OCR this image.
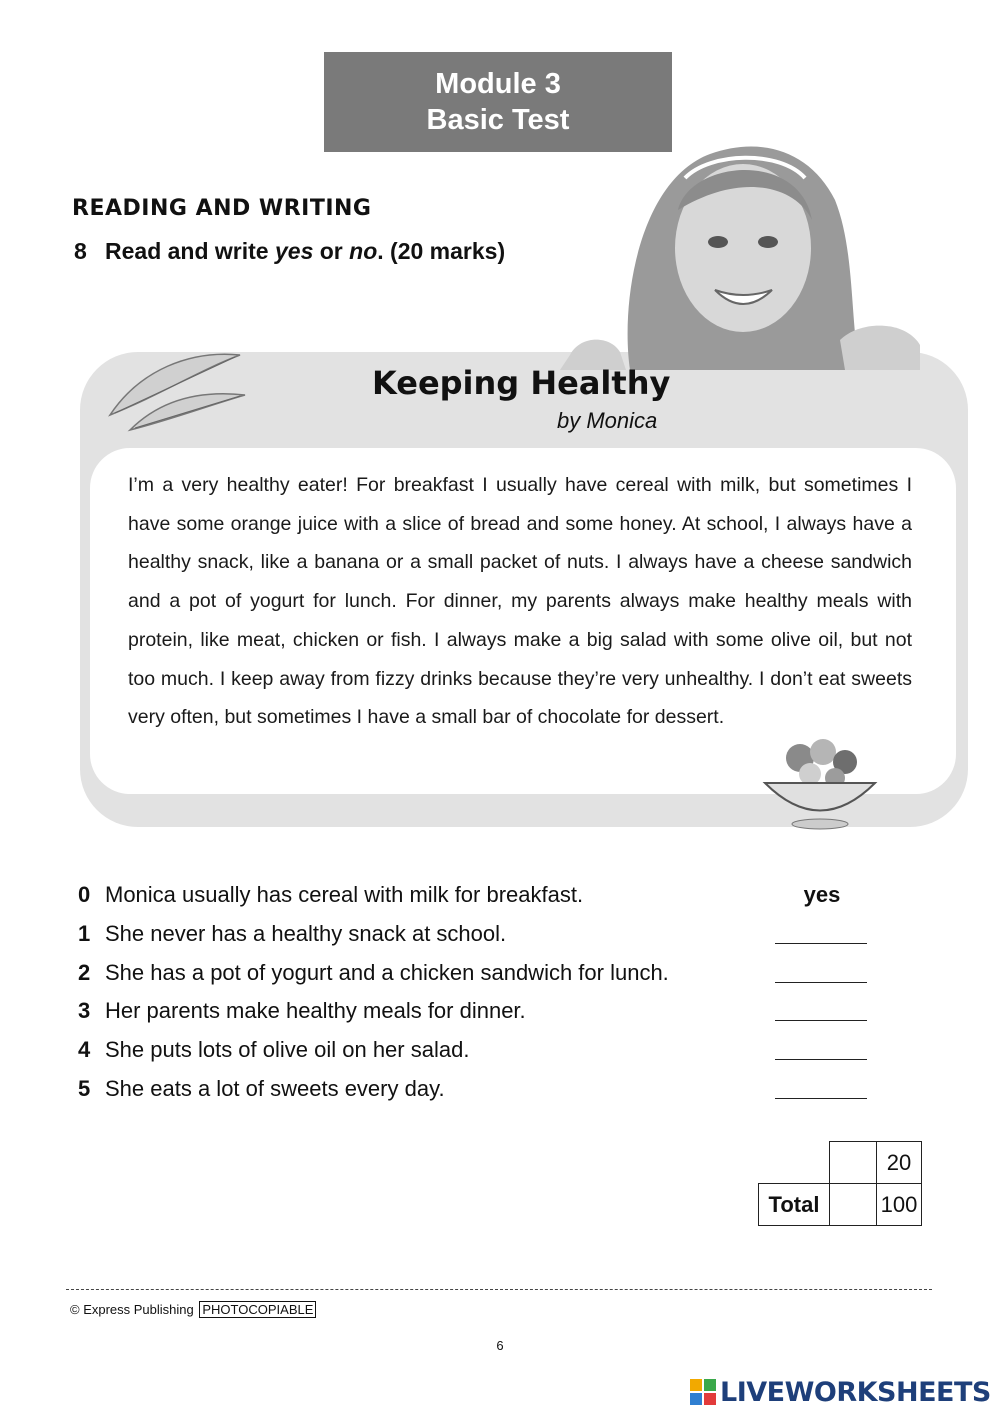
Module 3
Basic Test
READING AND WRITING
8 Read and write yes or no. (20 marks)
Keeping Healthy
by Monica
I’m a very healthy eater! For breakfast I usually have cereal with milk, but sometimes I have some orange juice with a slice of bread and some honey. At school, I always have a healthy snack, like a banana or a small packet of nuts. I always have a cheese sandwich and a pot of yogurt for lunch. For dinner, my parents always make healthy meals with protein, like meat, chicken or fish. I always make a big salad with some olive oil, but not too much. I keep away from fizzy drinks because they’re very unhealthy. I don’t eat sweets very often, but sometimes I have a small bar of chocolate for dessert.
0 Monica usually has cereal with milk for breakfast.	yes
1 She never has a healthy snack at school.
2 She has a pot of yogurt and a chicken sandwich for lunch.
3 Her parents make healthy meals for dinner.
4 She puts lots of olive oil on her salad.
5 She eats a lot of sweets every day.
		20
Total		100
© Express Publishing PHOTOCOPIABLE
6
LIVEWORKSHEETS
